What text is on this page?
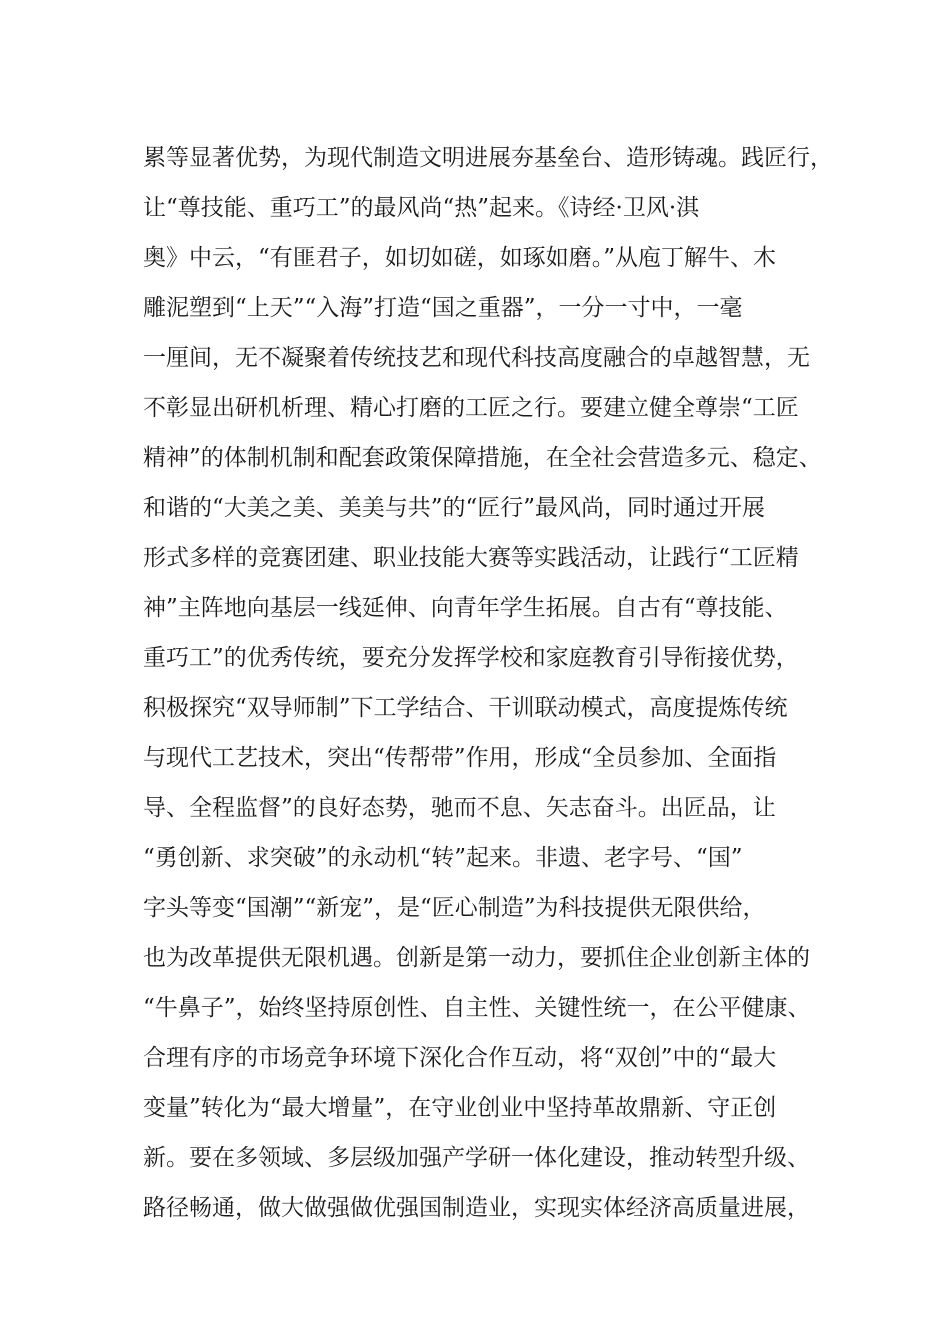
累等显著优势，为现代制造文明进展夯基垒台、造形铸魂。践匠行，
让“尊技能、重巧工”的最风尚“热”起来。《诗经·卫风·淇
奥》中云，“有匪君子，如切如磋，如琢如磨。”从庖丁解牛、木
雕泥塑到“上天”“入海”打造“国之重器”，一分一寸中，一毫
一厘间，无不凝聚着传统技艺和现代科技高度融合的卓越智慧，无
不彰显出研机析理、精心打磨的工匠之行。要建立健全尊崇“工匠
精神”的体制机制和配套政策保障措施，在全社会营造多元、稳定、
和谐的“大美之美、美美与共”的“匠行”最风尚，同时通过开展
形式多样的竞赛团建、职业技能大赛等实践活动，让践行“工匠精
神”主阵地向基层一线延伸、向青年学生拓展。自古有“尊技能、
重巧工”的优秀传统，要充分发挥学校和家庭教育引导衔接优势，
积极探究“双导师制”下工学结合、干训联动模式，高度提炼传统
与现代工艺技术，突出“传帮带”作用，形成“全员参加、全面指
导、全程监督”的良好态势，驰而不息、矢志奋斗。出匠品，让
“勇创新、求突破”的永动机“转”起来。非遗、老字号、“国”
字头等变“国潮”“新宠”，是“匠心制造”为科技提供无限供给，
也为改革提供无限机遇。创新是第一动力，要抓住企业创新主体的
“牛鼻子”，始终坚持原创性、自主性、关键性统一，在公平健康、
合理有序的市场竞争环境下深化合作互动，将“双创”中的“最大
变量”转化为“最大增量”，在守业创业中坚持革故鼎新、守正创
新。要在多领域、多层级加强产学研一体化建设，推动转型升级、
路径畅通，做大做强做优强国制造业，实现实体经济高质量进展，
